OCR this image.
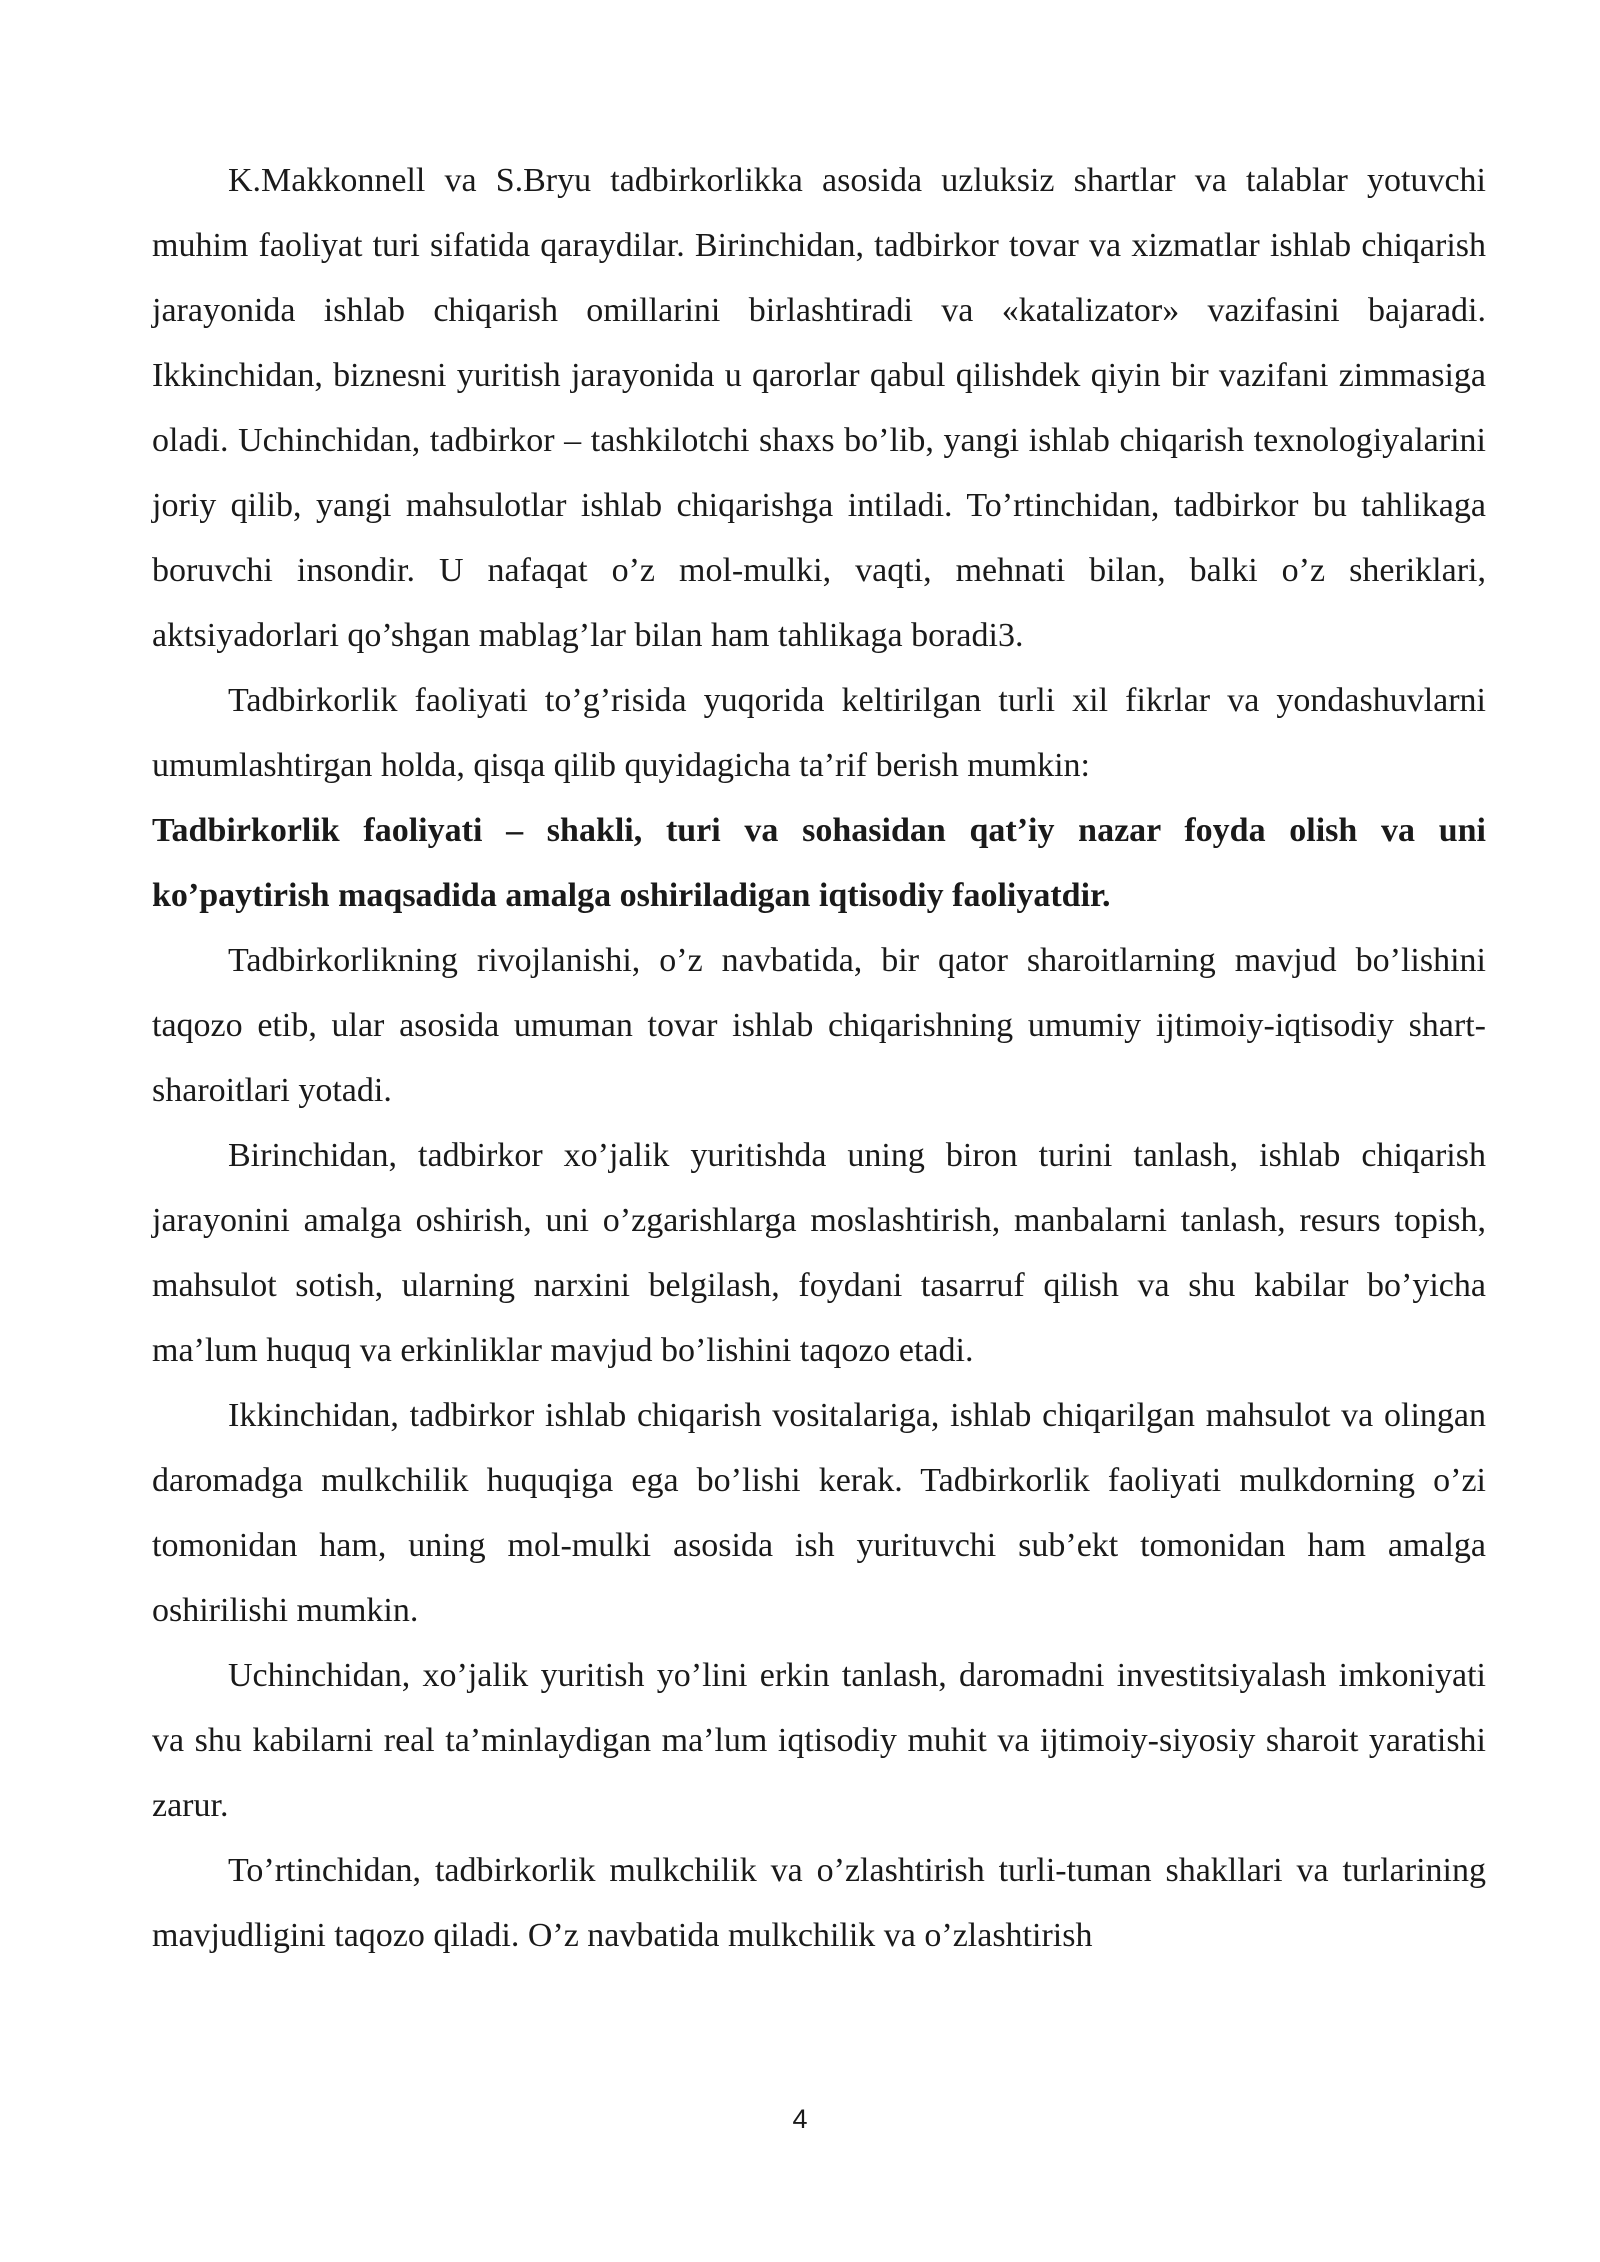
K.Makkonnell va S.Bryu tadbirkorlikka asosida uzluksiz shartlar va talablar yotuvchi muhim faoliyat turi sifatida qaraydilar. Birinchidan, tadbirkor tovar va xizmatlar ishlab chiqarish jarayonida ishlab chiqarish omillarini birlashtiradi va «katalizator» vazifasini bajaradi. Ikkinchidan, biznesni yuritish jarayonida u qarorlar qabul qilishdek qiyin bir vazifani zimmasiga oladi. Uchinchidan, tadbirkor – tashkilotchi shaxs bo’lib, yangi ishlab chiqarish texnologiyalarini joriy qilib, yangi mahsulotlar ishlab chiqarishga intiladi. To’rtinchidan, tadbirkor bu tahlikaga boruvchi insondir. U nafaqat o’z mol-mulki, vaqti, mehnati bilan, balki o’z sheriklari, aktsiyadorlari qo’shgan mablag’lar bilan ham tahlikaga boradi3.

Tadbirkorlik faoliyati to’g’risida yuqorida keltirilgan turli xil fikrlar va yondashuvlarni umumlashtirgan holda, qisqa qilib quyidagicha ta’rif berish mumkin:

Tadbirkorlik faoliyati – shakli, turi va sohasidan qat’iy nazar foyda olish va uni ko’paytirish maqsadida amalga oshiriladigan iqtisodiy faoliyatdir.

Tadbirkorlikning rivojlanishi, o’z navbatida, bir qator sharoitlarning mavjud bo’lishini taqozo etib, ular asosida umuman tovar ishlab chiqarishning umumiy ijtimoiy-iqtisodiy shart-sharoitlari yotadi.

Birinchidan, tadbirkor xo’jalik yuritishda uning biron turini tanlash, ishlab chiqarish jarayonini amalga oshirish, uni o’zgarishlarga moslashtirish, manbalarni tanlash, resurs topish, mahsulot sotish, ularning narxini belgilash, foydani tasarruf qilish va shu kabilar bo’yicha ma’lum huquq va erkinliklar mavjud bo’lishini taqozo etadi.

Ikkinchidan, tadbirkor ishlab chiqarish vositalariga, ishlab chiqarilgan mahsulot va olingan daromadga mulkchilik huquqiga ega bo’lishi kerak. Tadbirkorlik faoliyati mulkdorning o’zi tomonidan ham, uning mol-mulki asosida ish yurituvchi sub’ekt tomonidan ham amalga oshirilishi mumkin.

Uchinchidan, xo’jalik yuritish yo’lini erkin tanlash, daromadni investitsiyalash imkoniyati va shu kabilarni real ta’minlaydigan ma’lum iqtisodiy muhit va ijtimoiy-siyosiy sharoit yaratishi zarur.

To’rtinchidan, tadbirkorlik mulkchilik va o’zlashtirish turli-tuman shakllari va turlarining mavjudligini taqozo qiladi. O’z navbatida mulkchilik va o’zlashtirish

4
